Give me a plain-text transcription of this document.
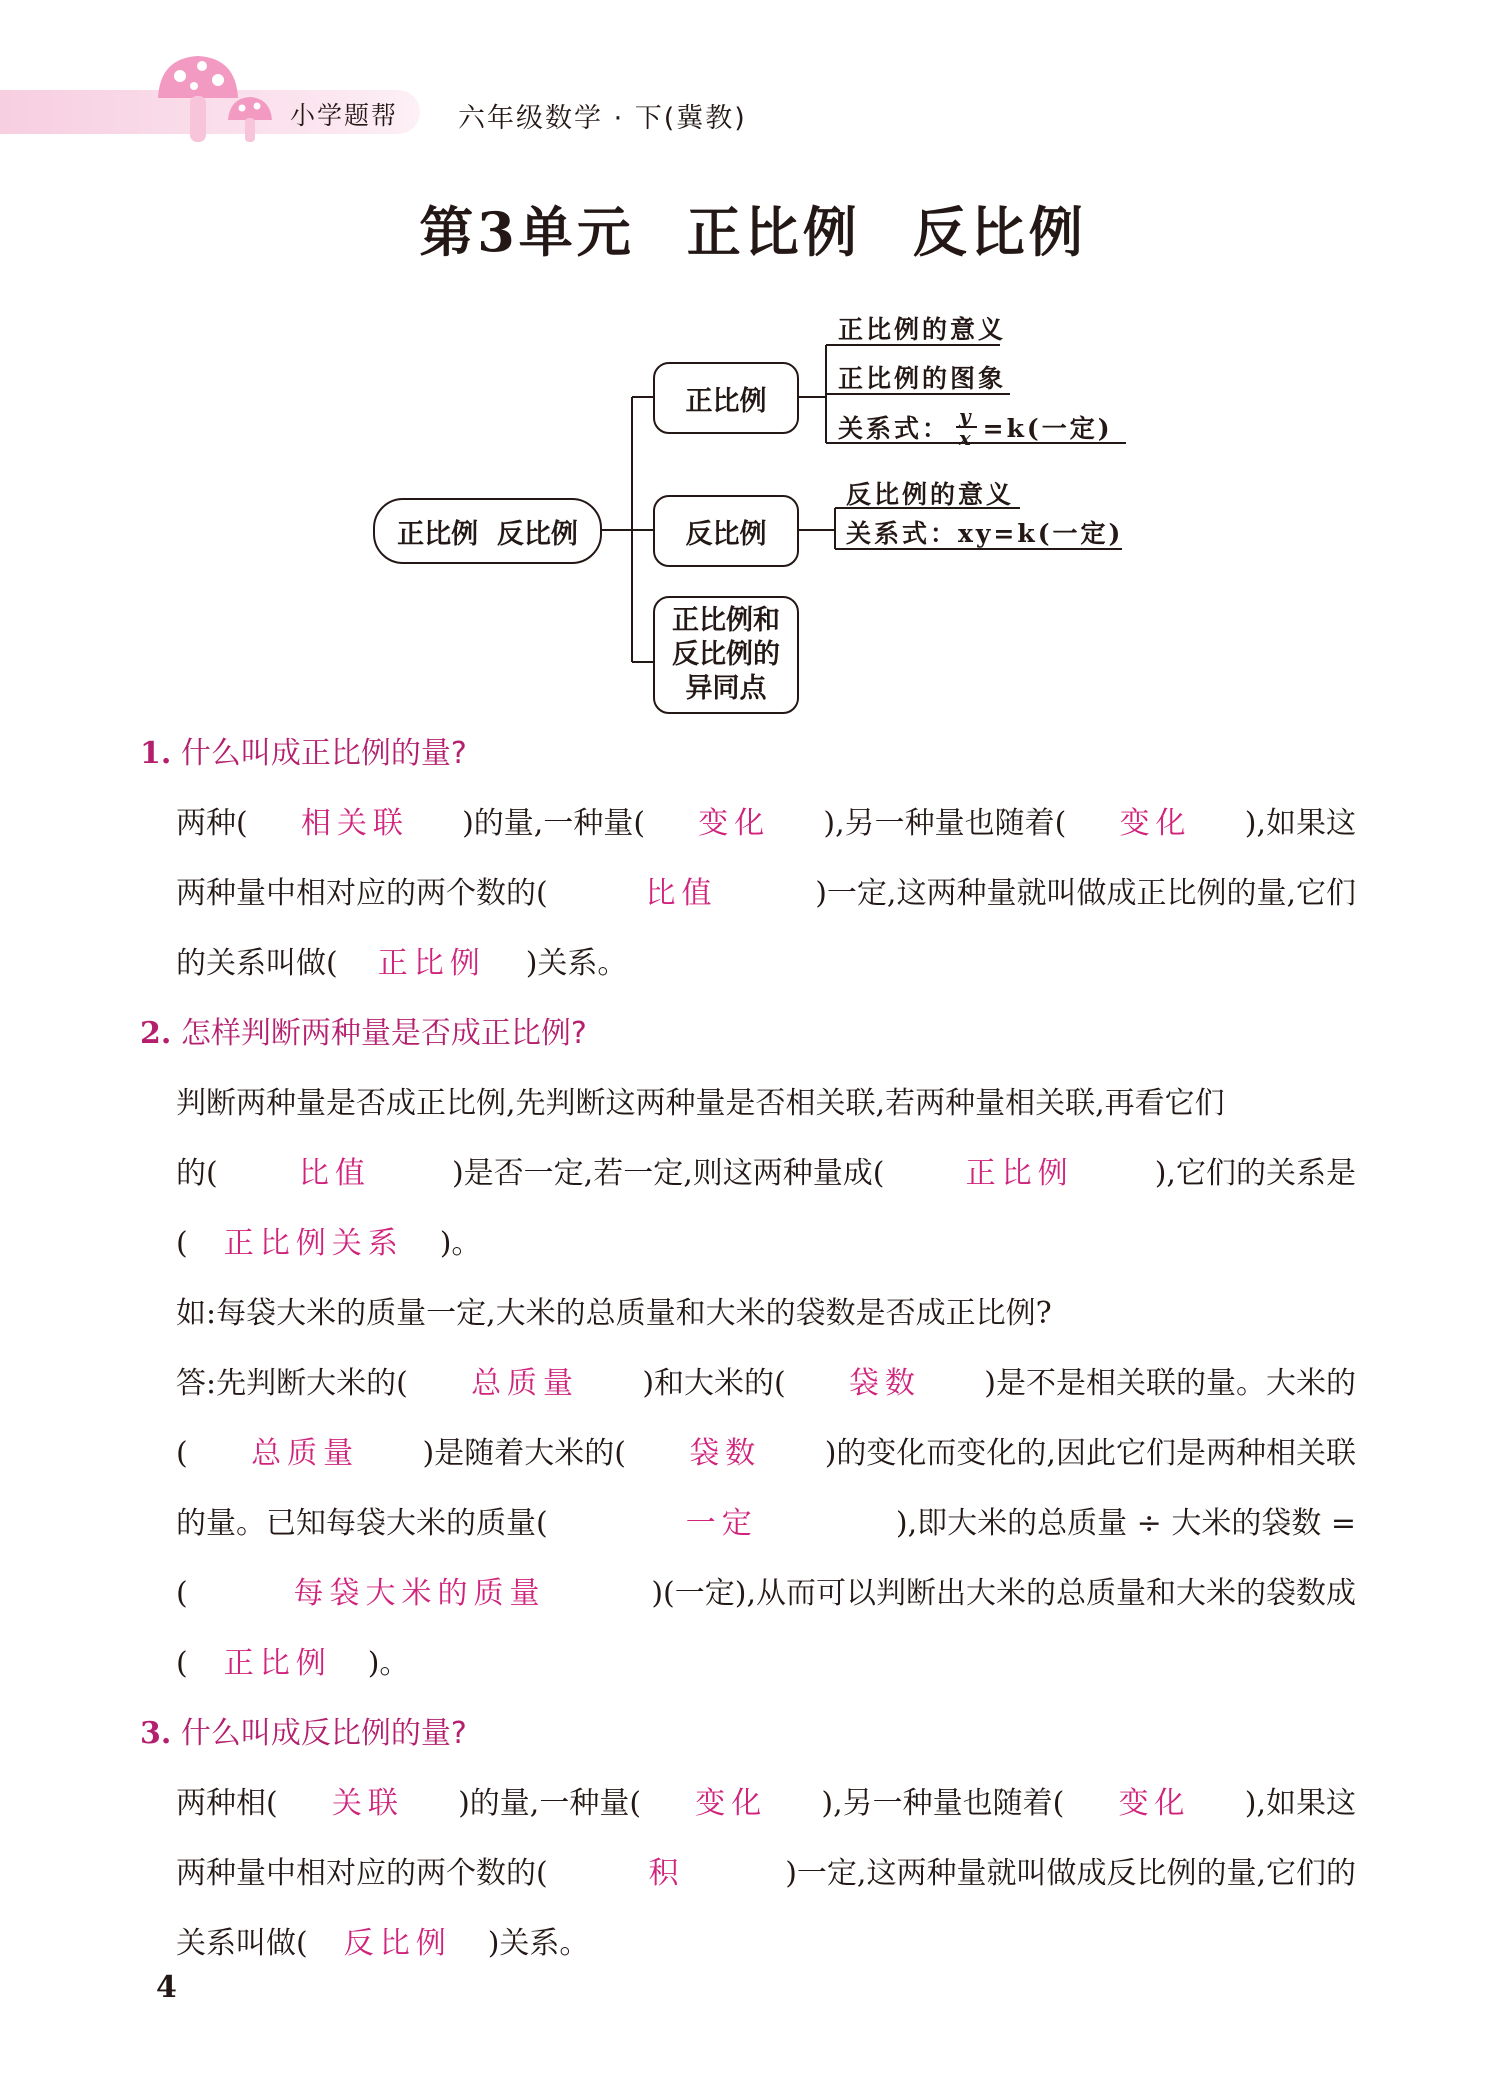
小学题帮 六年级数学 · 下(冀教)
第3单元 正比例 反比例
正比例  反比例
正比例
反比例
正比例和
反比例的
异同点
正比例的意义
正比例的图象
关系式： $\frac{y}{x} =k$(一定)
反比例的意义
关系式：xy=k(一定)
1. 什么叫成正比例的量?
两种( 相关联 )的量,一种量( 变化 ),另一种量也随着( 变化 ),如果这
两种量中相对应的两个数的(	比值	)一定,这两种量就叫做成正比例的量,它们
的关系叫做( 正比例 )关系。
2. 怎样判断两种量是否成正比例?
判断两种量是否成正比例,先判断这两种量是否相关联,若两种量相关联,再看它们
的(	比值	)是否一定,若一定,则这两种量成(	正比例	),它们的关系是
( 正比例关系 )。
如:每袋大米的质量一定,大米的总质量和大米的袋数是否成正比例?
答:先判断大米的( 总质量 )和大米的( 袋数 )是不是相关联的量。大米的
( 总质量 )是随着大米的( 袋数 )的变化而变化的,因此它们是两种相关联
的量。已知每袋大米的质量(	一定	),即大米的总质量 ÷ 大米的袋数 =
(	每袋大米的质量	)(一定),从而可以判断出大米的总质量和大米的袋数成
( 正比例 )。
3. 什么叫成反比例的量?
两种相( 关联 )的量,一种量( 变化 ),另一种量也随着( 变化 ),如果这
两种量中相对应的两个数的(	积	)一定,这两种量就叫做成反比例的量,它们的
关系叫做( 反比例 )关系。
4
